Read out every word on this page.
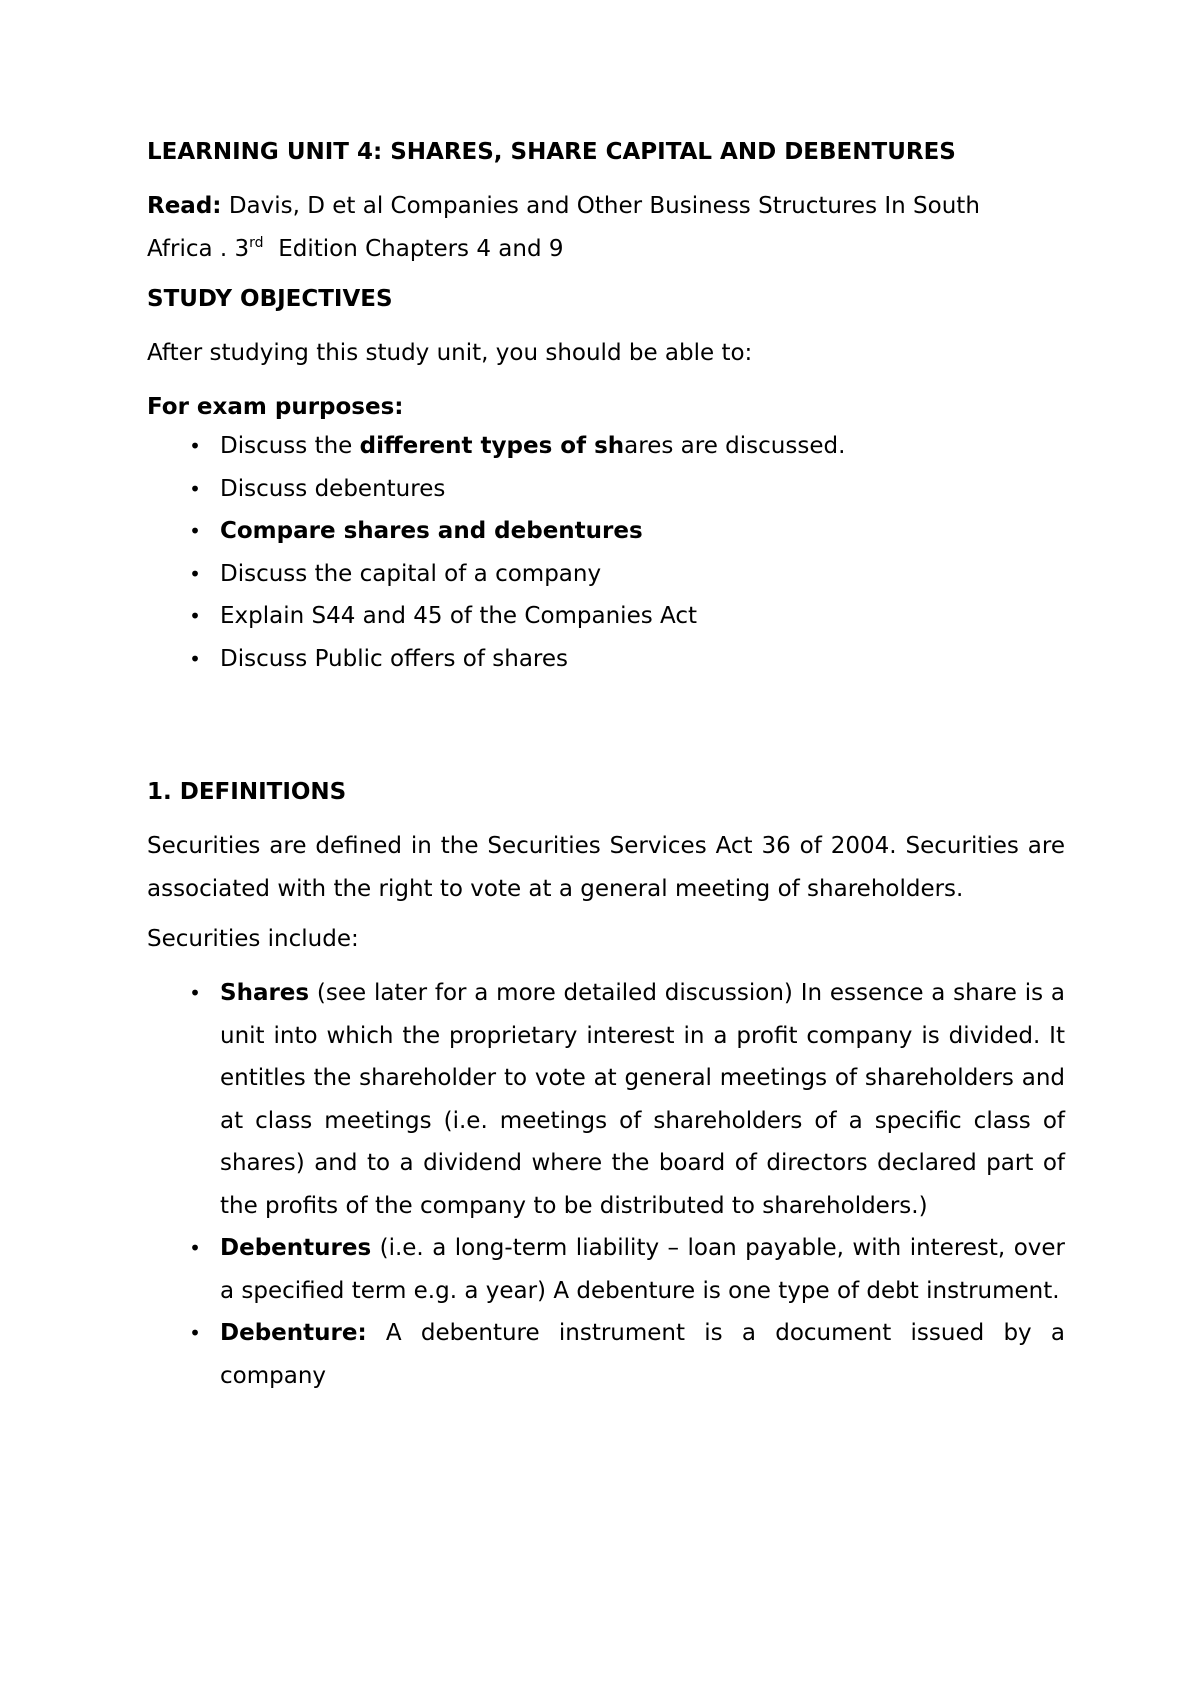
LEARNING UNIT 4: SHARES, SHARE CAPITAL AND DEBENTURES

Read: Davis, D et al Companies and Other Business Structures In South

Africa . 3rd Edition Chapters 4 and 9

STUDY OBJECTIVES

After studying this study unit, you should be able to:

For exam purposes:

• Discuss the different types of shares are discussed.
• Discuss debentures
• Compare shares and debentures
• Discuss the capital of a company
• Explain S44 and 45 of the Companies Act
• Discuss Public offers of shares

1. DEFINITIONS

Securities are defined in the Securities Services Act 36 of 2004. Securities are associated with the right to vote at a general meeting of shareholders.

Securities include:

• Shares (see later for a more detailed discussion) In essence a share is a unit into which the proprietary interest in a profit company is divided. It entitles the shareholder to vote at general meetings of shareholders and at class meetings (i.e. meetings of shareholders of a specific class of shares) and to a dividend where the board of directors declared part of the profits of the company to be distributed to shareholders.)
• Debentures (i.e. a long-term liability – loan payable, with interest, over a specified term e.g. a year) A debenture is one type of debt instrument.
• Debenture: A debenture instrument is a document issued by a company
